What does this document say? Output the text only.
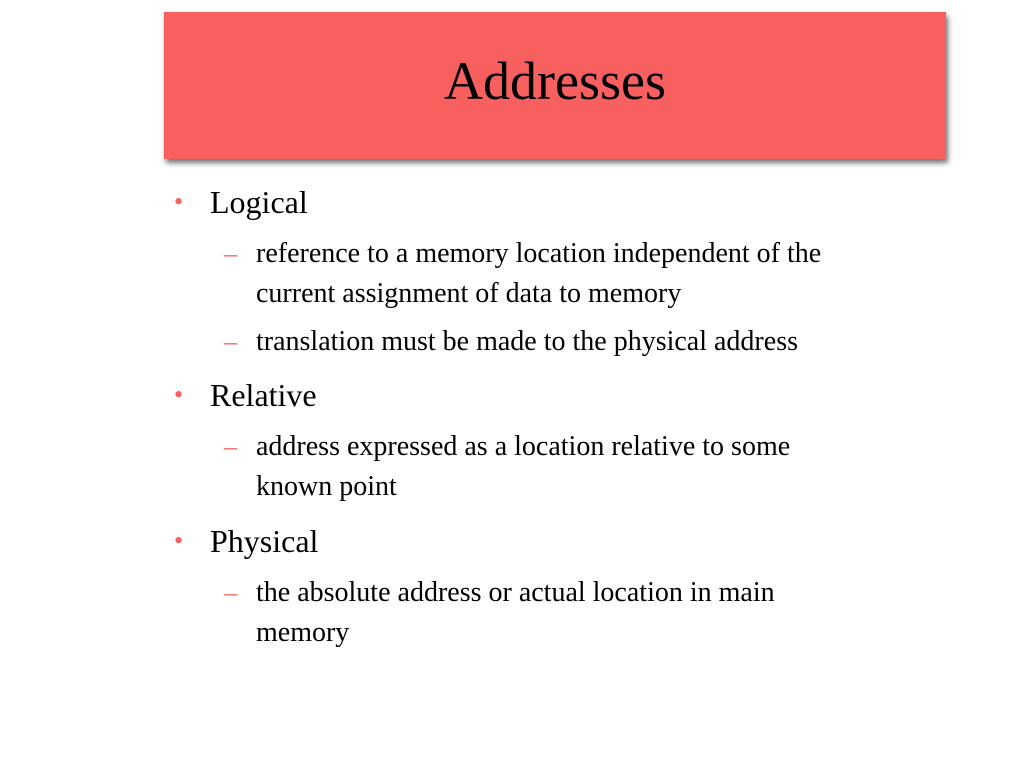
Addresses
• Logical
– reference to a memory location independent of the
current assignment of data to memory
– translation must be made to the physical address
• Relative
– address expressed as a location relative to some
known point
• Physical
– the absolute address or actual location in main
memory
